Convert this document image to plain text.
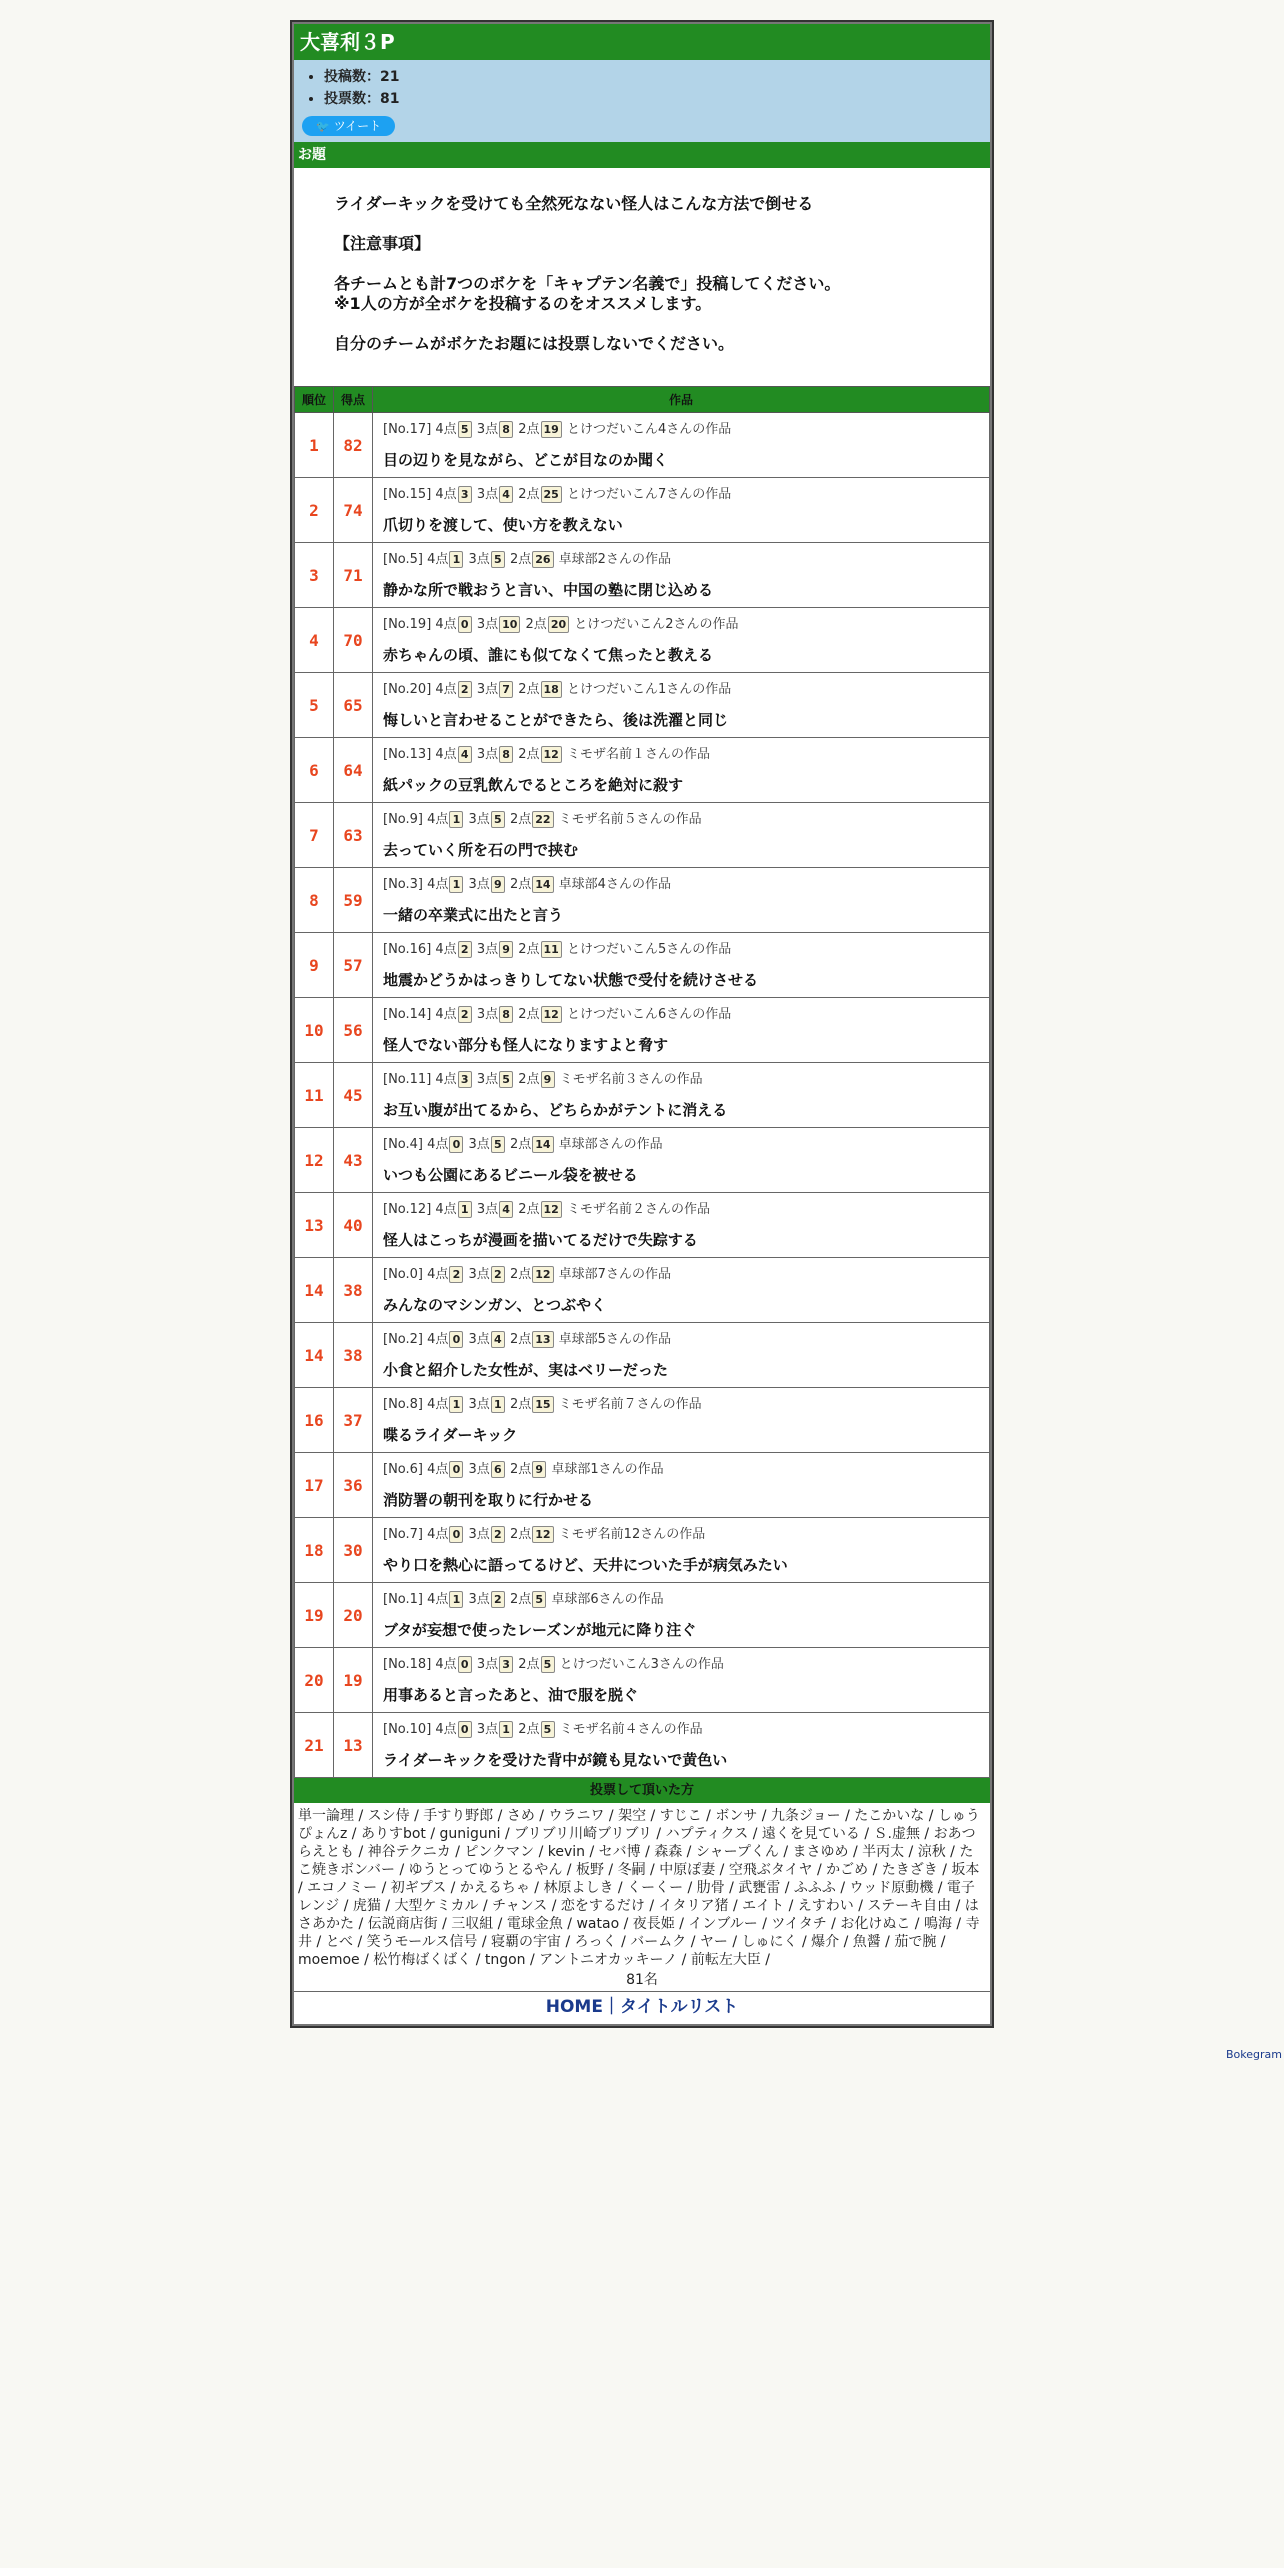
大喜利３P
• 投稿数：21
• 投票数：81
🐦 ツイート
お題

ライダーキックを受けても全然死なない怪人はこんな方法で倒せる

【注意事項】

各チームとも計7つのボケを「キャプテン名義で」投稿してください。

※1人の方が全ボケを投稿するのをオススメします。

自分のチームがボケたお題には投票しないでください。

順位	得点	作品
1	82	[No.17] 4点 5 3点 8 2点 19 とけつだいこん4さんの作品
目の辺りを見ながら、どこが目なのか聞く

2	74	[No.15] 4点 3 3点 4 2点 25 とけつだいこん7さんの作品
爪切りを渡して、使い方を教えない

3	71	[No.5] 4点 1 3点 5 2点 26 卓球部2さんの作品
静かな所で戦おうと言い、中国の塾に閉じ込める

4	70	[No.19] 4点 0 3点 10 2点 20 とけつだいこん2さんの作品
赤ちゃんの頃、誰にも似てなくて焦ったと教える

5	65	[No.20] 4点 2 3点 7 2点 18 とけつだいこん1さんの作品
悔しいと言わせることができたら、後は洗濯と同じ

6	64	[No.13] 4点 4 3点 8 2点 12 ミモザ名前１さんの作品
紙パックの豆乳飲んでるところを絶対に殺す

7	63	[No.9] 4点 1 3点 5 2点 22 ミモザ名前５さんの作品
去っていく所を石の門で挟む

8	59	[No.3] 4点 1 3点 9 2点 14 卓球部4さんの作品
一緒の卒業式に出たと言う

9	57	[No.16] 4点 2 3点 9 2点 11 とけつだいこん5さんの作品
地震かどうかはっきりしてない状態で受付を続けさせる

10	56	[No.14] 4点 2 3点 8 2点 12 とけつだいこん6さんの作品
怪人でない部分も怪人になりますよと脅す

11	45	[No.11] 4点 3 3点 5 2点 9 ミモザ名前３さんの作品
お互い腹が出てるから、どちらかがテントに消える

12	43	[No.4] 4点 0 3点 5 2点 14 卓球部さんの作品
いつも公園にあるビニール袋を被せる

13	40	[No.12] 4点 1 3点 4 2点 12 ミモザ名前２さんの作品
怪人はこっちが漫画を描いてるだけで失踪する

14	38	[No.0] 4点 2 3点 2 2点 12 卓球部7さんの作品
みんなのマシンガン、とつぶやく

14	38	[No.2] 4点 0 3点 4 2点 13 卓球部5さんの作品
小食と紹介した女性が、実はベリーだった

16	37	[No.8] 4点 1 3点 1 2点 15 ミモザ名前７さんの作品
喋るライダーキック

17	36	[No.6] 4点 0 3点 6 2点 9 卓球部1さんの作品
消防署の朝刊を取りに行かせる

18	30	[No.7] 4点 0 3点 2 2点 12 ミモザ名前12さんの作品
やり口を熱心に語ってるけど、天井についた手が病気みたい

19	20	[No.1] 4点 1 3点 2 2点 5 卓球部6さんの作品
ブタが妄想で使ったレーズンが地元に降り注ぐ

20	19	[No.18] 4点 0 3点 3 2点 5 とけつだいこん3さんの作品
用事あると言ったあと、油で服を脱ぐ

21	13	[No.10] 4点 0 3点 1 2点 5 ミモザ名前４さんの作品
ライダーキックを受けた背中が鏡も見ないで黄色い
投票して頂いた方
単一論理 / スシ侍 / 手すり野郎 / さめ / ウラニワ / 架空 / すじこ / ボンサ / 九条ジョー / たこかいな / しゅうぴょんz / ありすbot / guniguni / ブリブリ川崎ブリブリ / ハプティクス / 遠くを見ている / Ｓ.虚無 / おあつらえとも / 神谷テクニカ / ピンクマン / kevin / セバ博 / 森森 / シャープくん / まさゆめ / 半丙太 / 涼秋 / たこ焼きボンバー / ゆうとってゆうとるやん / 板野 / 冬嗣 / 中原ぽ妻 / 空飛ぶタイヤ / かごめ / たきざき / 坂本 / エコノミー / 初ギプス / かえるちゃ / 林原よしき / くーくー / 肋骨 / 武甕雷 / ふふふ / ウッド原動機 / 電子レンジ / 虎猫 / 大型ケミカル / チャンス / 恋をするだけ / イタリア猪 / エイト / えすわい / ステーキ自由 / はさあかた / 伝説商店街 / 三収組 / 電球金魚 / watao / 夜長姫 / インブルー / ツイタチ / お化けぬこ / 鳴海 / 寺井 / とべ / 笑うモールス信号 / 寝覇の宇宙 / ろっく / バームク / ヤー / しゅにく / 爆介 / 魚醤 / 茄で腕 / moemoe / 松竹梅ばくばく / tngon / アントニオカッキーノ / 前転左大臣 /
81名
HOME｜タイトルリスト
Bokegram
